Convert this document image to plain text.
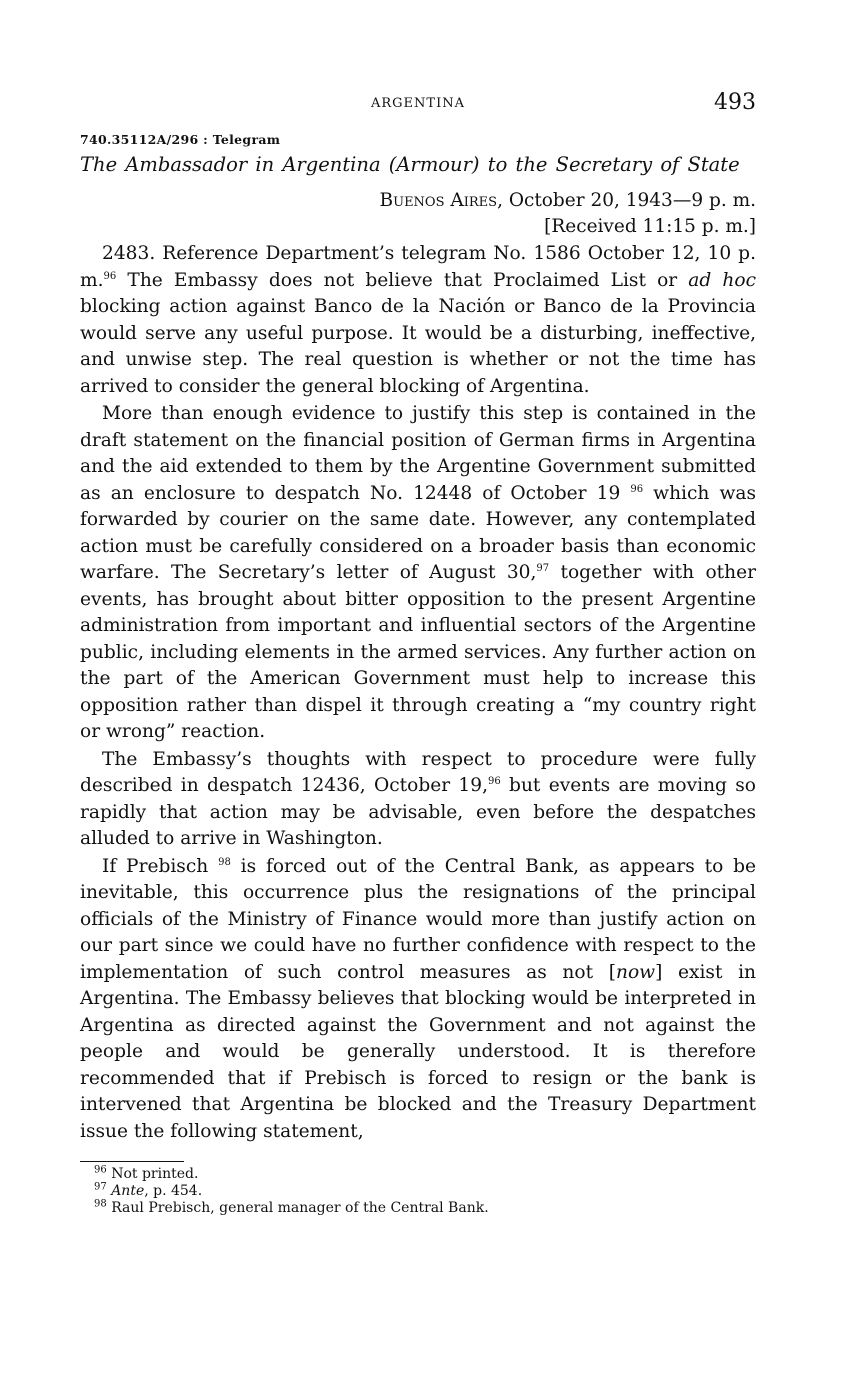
ARGENTINA	493
740.35112A/296 : Telegram
The Ambassador in Argentina (Armour) to the Secretary of State
Buenos Aires, October 20, 1943—9 p. m.
[Received 11:15 p. m.]

2483. Reference Department’s telegram No. 1586 October 12, 10 p. m.$^{96}$ The Embassy does not believe that Proclaimed List or ad hoc blocking action against Banco de la Nación or Banco de la Provincia would serve any useful purpose. It would be a disturbing, ineffective, and unwise step. The real question is whether or not the time has arrived to consider the general blocking of Argentina.

More than enough evidence to justify this step is contained in the draft statement on the financial position of German firms in Argentina and the aid extended to them by the Argentine Government submitted as an enclosure to despatch No. 12448 of October 19 $^{96}$ which was forwarded by courier on the same date. However, any contemplated action must be carefully considered on a broader basis than economic warfare. The Secretary’s letter of August 30,97 together with other events, has brought about bitter opposition to the present Argentine administration from important and influential sectors of the Argentine public, including elements in the armed services. Any further action on the part of the American Government must help to increase this opposition rather than dispel it through creating a “my country right or wrong” reaction.

The Embassy’s thoughts with respect to procedure were fully described in despatch 12436, October 19,96 but events are moving so rapidly that action may be advisable, even before the despatches alluded to arrive in Washington.

If Prebisch $^{98}$ is forced out of the Central Bank, as appears to be inevitable, this occurrence plus the resignations of the principal officials of the Ministry of Finance would more than justify action on our part since we could have no further confidence with respect to the implementation of such control measures as not [now] exist in Argentina. The Embassy believes that blocking would be interpreted in Argentina as directed against the Government and not against the people and would be generally understood. It is therefore recommended that if Prebisch is forced to resign or the bank is intervened that Argentina be blocked and the Treasury Department issue the following statement,

$^{96}$ Not printed.
$^{97}$ Ante, p. 454.
$^{98}$ Raul Prebisch, general manager of the Central Bank.
